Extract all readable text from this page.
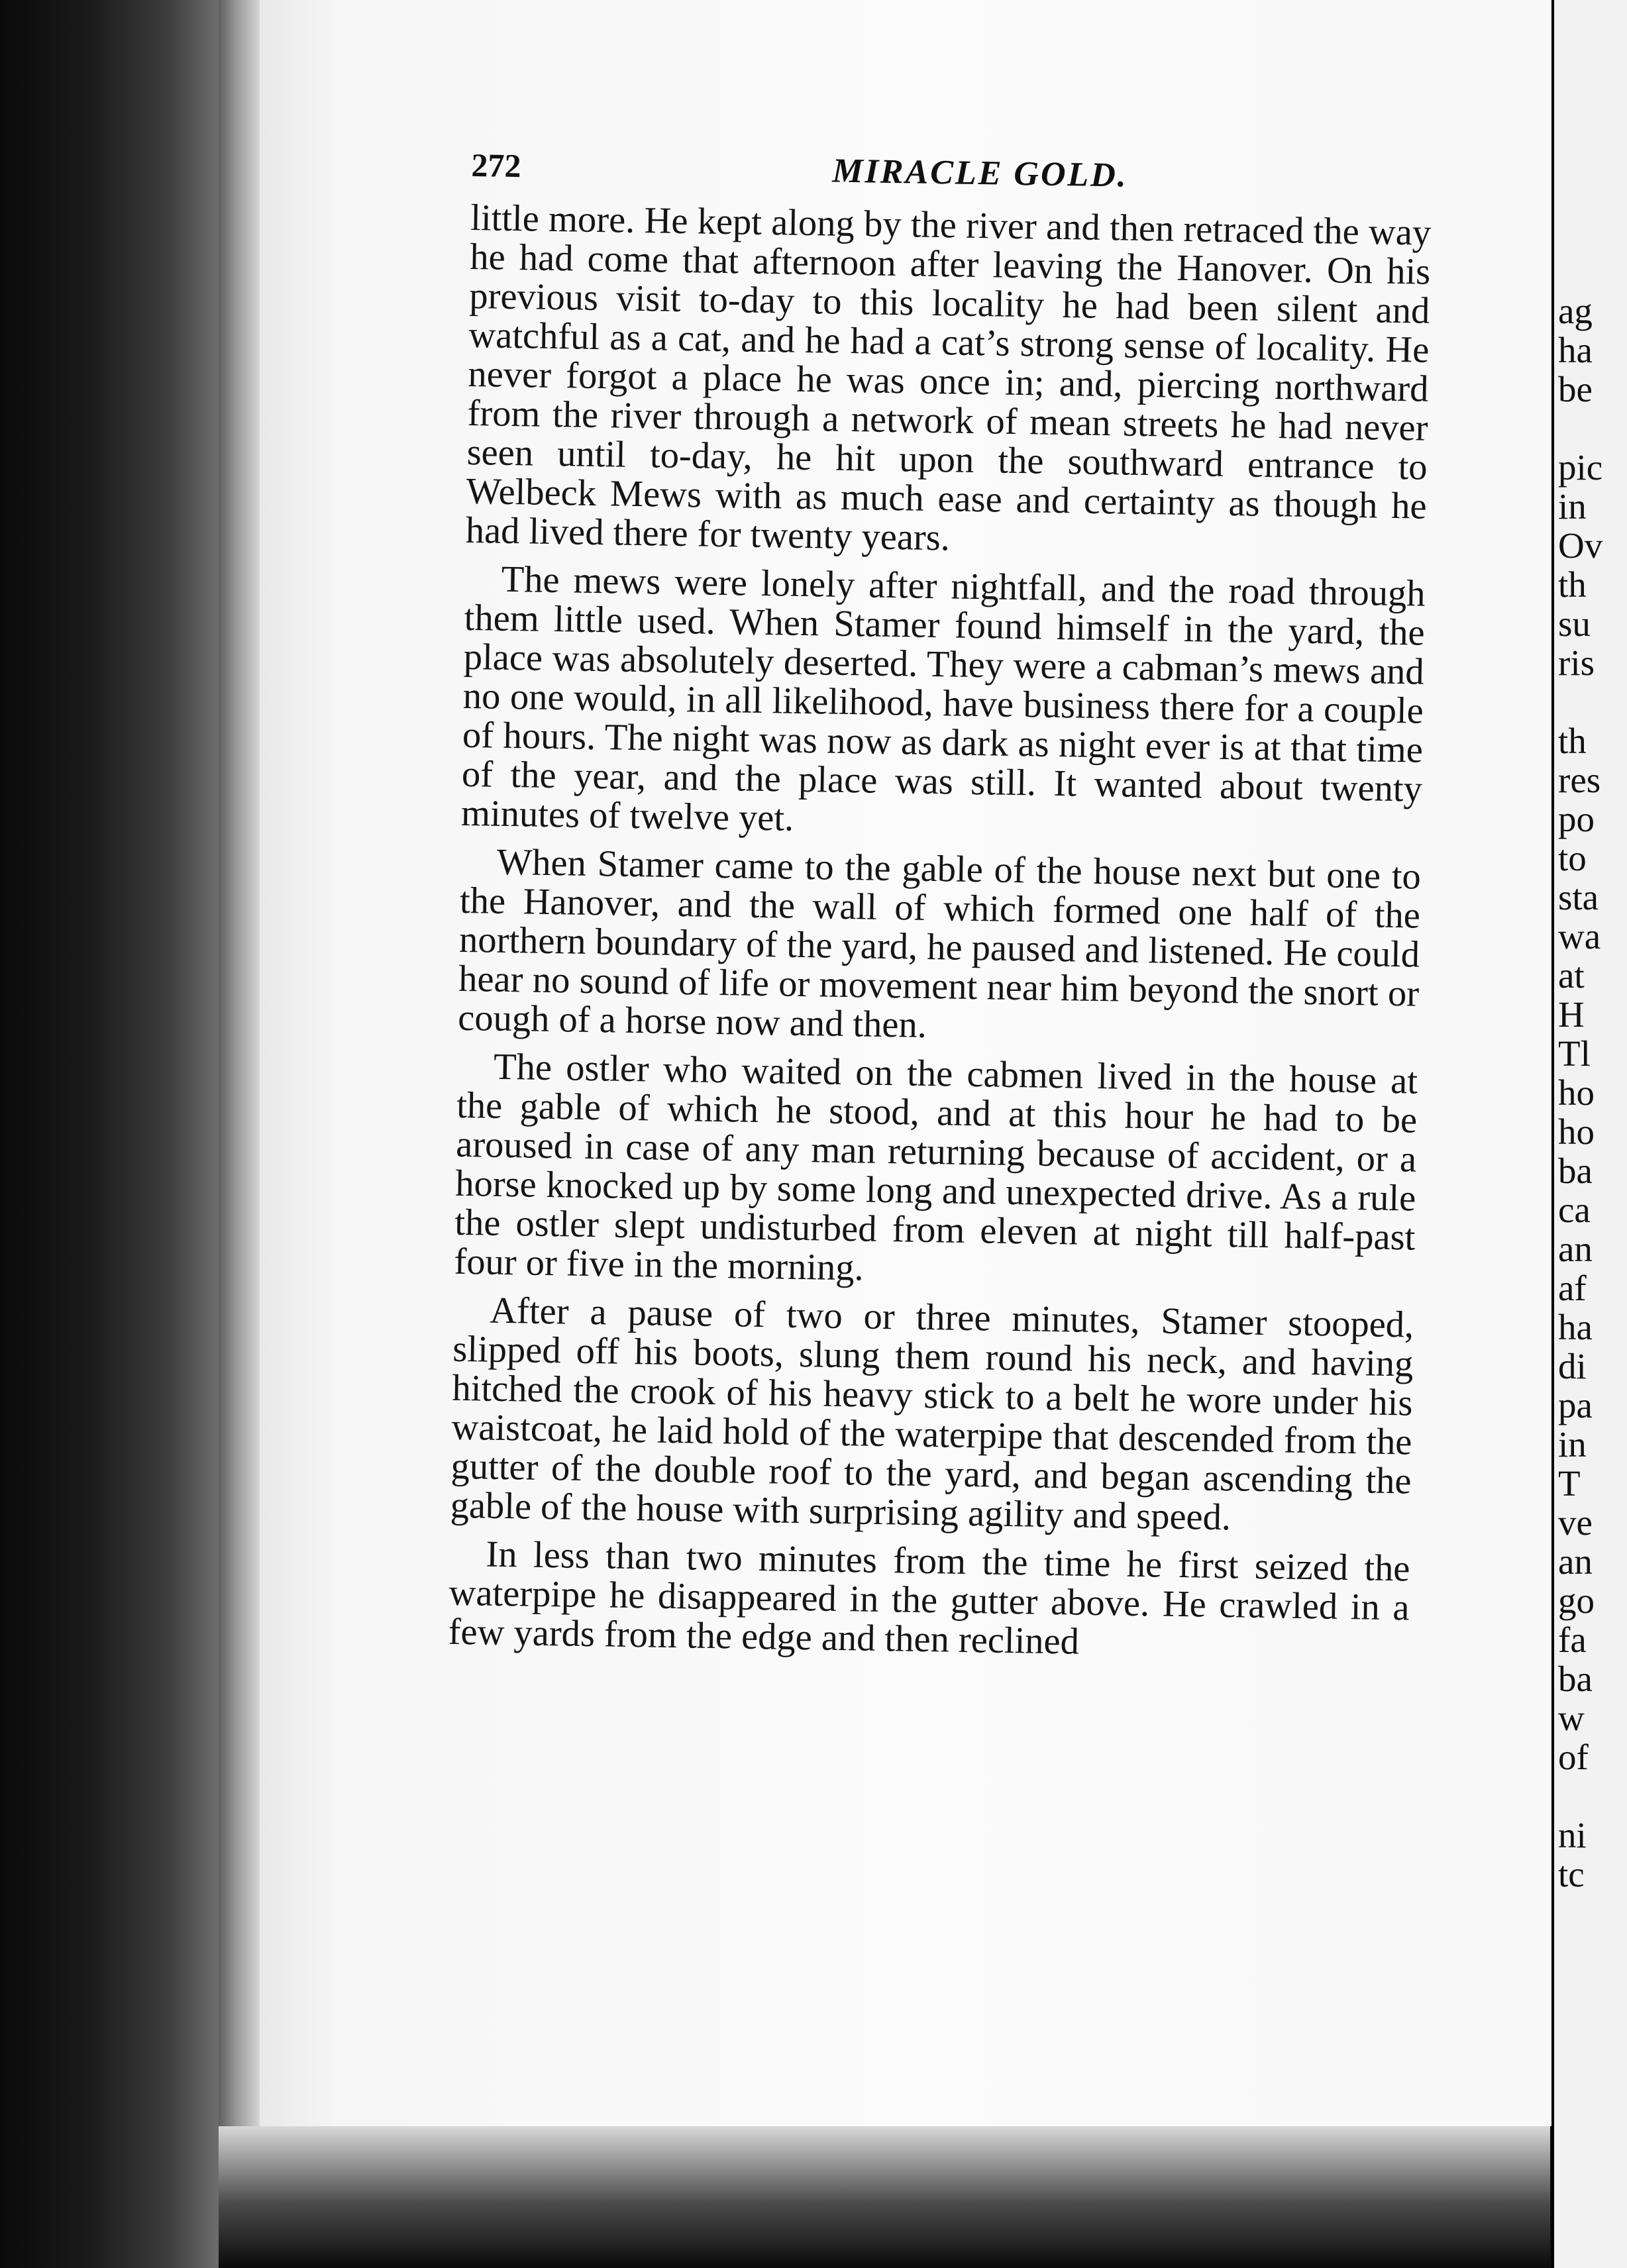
272	MIRACLE GOLD.

little more. He kept along by the river and then retraced the way he had come that afternoon after leaving the Hanover. On his previous visit to-day to this locality he had been silent and watchful as a cat, and he had a cat’s strong sense of locality. He never forgot a place he was once in; and, piercing northward from the river through a network of mean streets he had never seen until to-day, he hit upon the southward entrance to Welbeck Mews with as much ease and certainty as though he had lived there for twenty years.

The mews were lonely after nightfall, and the road through them little used. When Stamer found himself in the yard, the place was absolutely deserted. They were a cabman’s mews and no one would, in all likelihood, have business there for a couple of hours. The night was now as dark as night ever is at that time of the year, and the place was still. It wanted about twenty minutes of twelve yet.

When Stamer came to the gable of the house next but one to the Hanover, and the wall of which formed one half of the northern boundary of the yard, he paused and listened. He could hear no sound of life or movement near him beyond the snort or cough of a horse now and then.

The ostler who waited on the cabmen lived in the house at the gable of which he stood, and at this hour he had to be aroused in case of any man returning because of accident, or a horse knocked up by some long and unexpected drive. As a rule the ostler slept undisturbed from eleven at night till half-past four or five in the morning.

After a pause of two or three minutes, Stamer stooped, slipped off his boots, slung them round his neck, and having hitched the crook of his heavy stick to a belt he wore under his waistcoat, he laid hold of the waterpipe that descended from the gutter of the double roof to the yard, and began ascending the gable of the house with surprising agility and speed.

In less than two minutes from the time he first seized the waterpipe he disappeared in the gutter above. He crawled in a few yards from the edge and then reclined

ag
ha
be

pic
in
Ov
th
su
ris

th
res
po
to
sta
wa
at
H
Tl
ho
ho
ba
ca
an
af
ha
di
pa
in
T
ve
an
go
fa
ba
w
of

ni
tc
